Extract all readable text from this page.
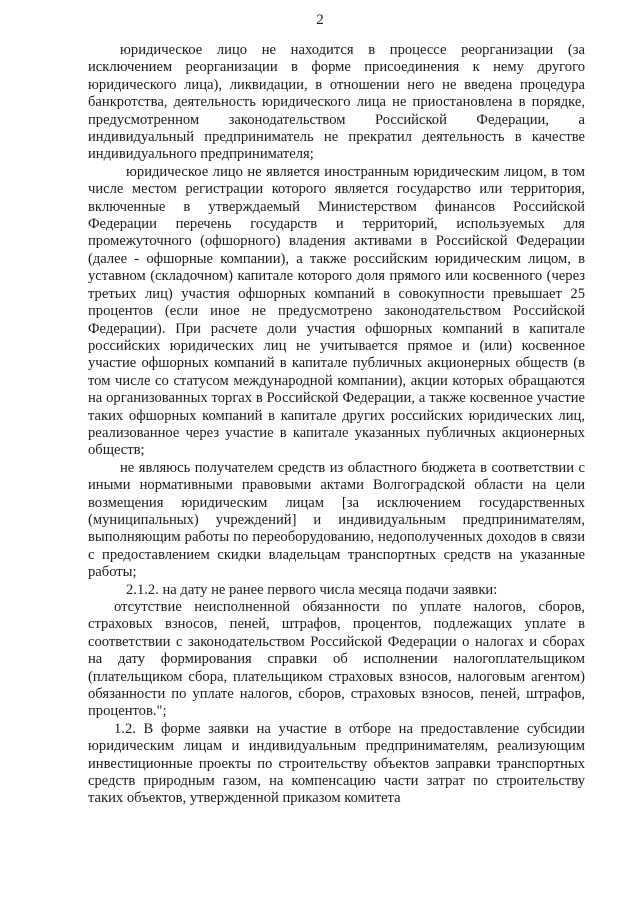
2

юридическое лицо не находится в процессе реорганизации (за исключением реорганизации в форме присоединения к нему другого юридического лица), ликвидации, в отношении него не введена процедура банкротства, деятельность юридического лица не приостановлена в порядке, предусмотренном законодательством Российской Федерации, а индивидуальный предприниматель не прекратил деятельность в качестве индивидуального предпринимателя;

юридическое лицо не является иностранным юридическим лицом, в том числе местом регистрации которого является государство или территория, включенные в утверждаемый Министерством финансов Российской Федерации перечень государств и территорий, используемых для промежуточного (офшорного) владения активами в Российской Федерации (далее - офшорные компании), а также российским юридическим лицом, в уставном (складочном) капитале которого доля прямого или косвенного (через третьих лиц) участия офшорных компаний в совокупности превышает 25 процентов (если иное не предусмотрено законодательством Российской Федерации). При расчете доли участия офшорных компаний в капитале российских юридических лиц не учитывается прямое и (или) косвенное участие офшорных компаний в капитале публичных акционерных обществ (в том числе со статусом международной компании), акции которых обращаются на организованных торгах в Российской Федерации, а также косвенное участие таких офшорных компаний в капитале других российских юридических лиц, реализованное через участие в капитале указанных публичных акционерных обществ;

не являюсь получателем средств из областного бюджета в соответствии с иными нормативными правовыми актами Волгоградской области на цели возмещения юридическим лицам [за исключением государственных (муниципальных) учреждений] и индивидуальным предпринимателям, выполняющим работы по переоборудованию, недополученных доходов в связи с предоставлением скидки владельцам транспортных средств на указанные работы;

2.1.2. на дату не ранее первого числа месяца подачи заявки:

отсутствие неисполненной обязанности по уплате налогов, сборов, страховых взносов, пеней, штрафов, процентов, подлежащих уплате в соответствии с законодательством Российской Федерации о налогах и сборах на дату формирования справки об исполнении налогоплательщиком (плательщиком сбора, плательщиком страховых взносов, налоговым агентом) обязанности по уплате налогов, сборов, страховых взносов, пеней, штрафов, процентов.";

1.2. В форме заявки на участие в отборе на предоставление субсидии юридическим лицам и индивидуальным предпринимателям, реализующим инвестиционные проекты по строительству объектов заправки транспортных средств природным газом, на компенсацию части затрат по строительству таких объектов, утвержденной приказом комитета
